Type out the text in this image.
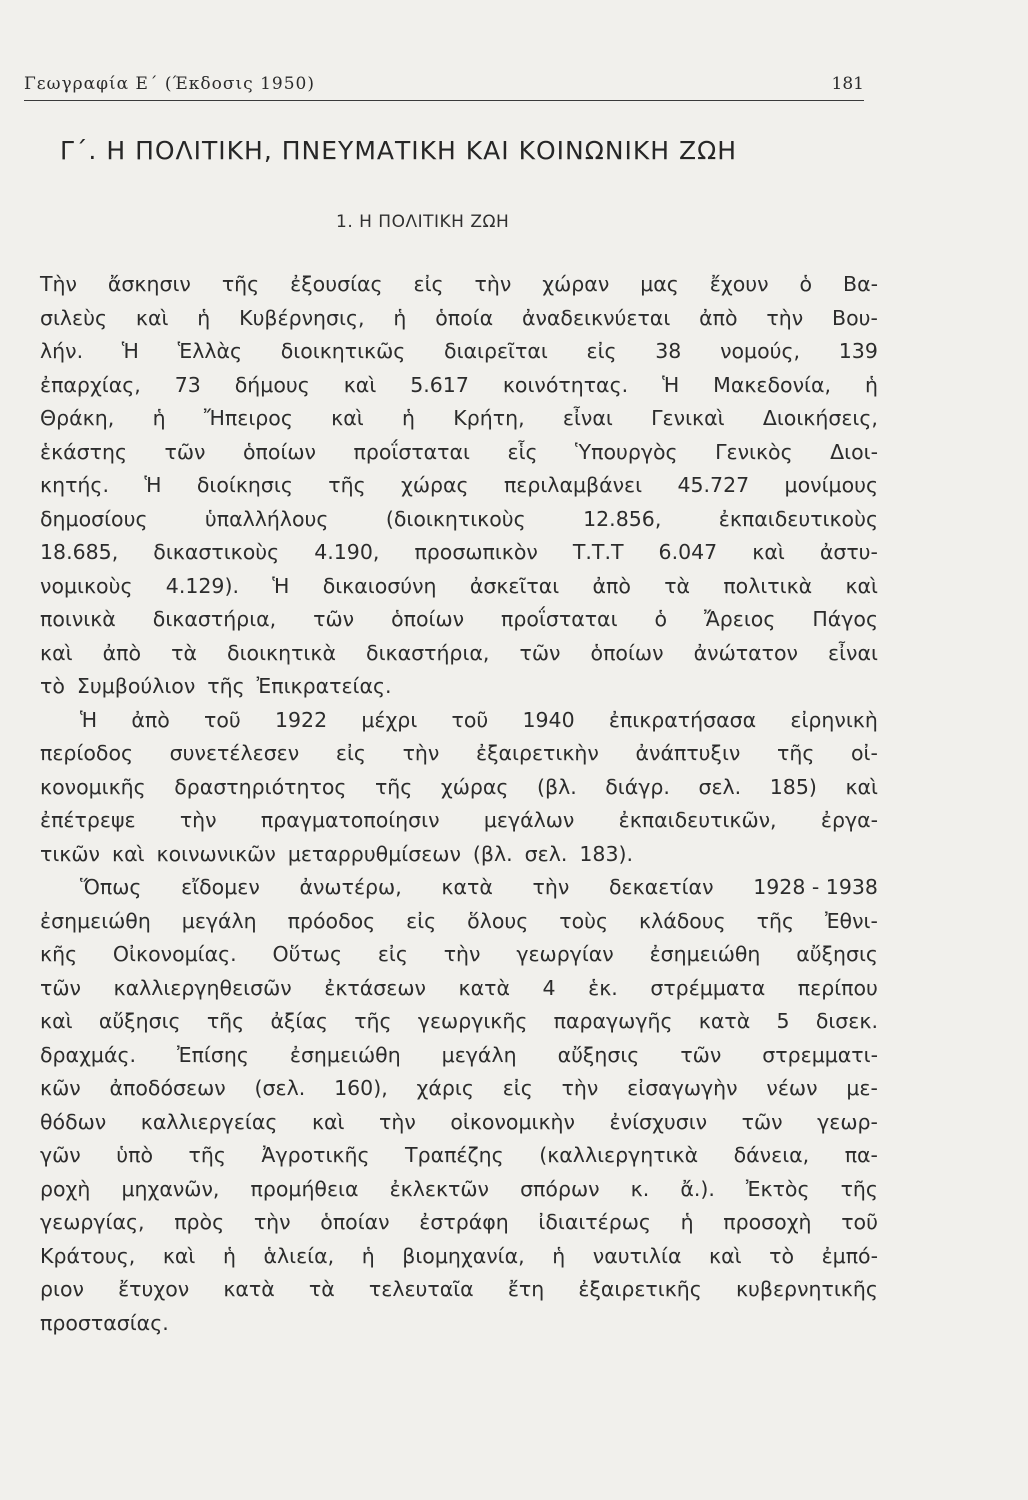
Γεωγραφία Ε΄ (Έκδοσις 1950)	181
Γ΄. Η ΠΟΛΙΤΙΚΗ, ΠΝΕΥΜΑΤΙΚΗ ΚΑΙ ΚΟΙΝΩΝΙΚΗ ΖΩΗ
1. Η ΠΟΛΙΤΙΚΗ ΖΩΗ
Τὴν ἄσκησιν τῆς ἐξουσίας εἰς τὴν χώραν μας ἔχουν ὁ Βα-
σιλεὺς καὶ ἡ Κυβέρνησις, ἡ ὁποία ἀναδεικνύεται ἀπὸ τὴν Βου-
λήν. Ἡ Ἑλλὰς διοικητικῶς διαιρεῖται εἰς 38 νομούς, 139
ἐπαρχίας, 73 δήμους καὶ 5.617 κοινότητας. Ἡ Μακεδονία, ἡ
Θράκη, ἡ Ἤπειρος καὶ ἡ Κρήτη, εἶναι Γενικαὶ Διοικήσεις,
ἑκάστης τῶν ὁποίων προΐσταται εἷς Ὑπουργὸς Γενικὸς Διοι-
κητής. Ἡ διοίκησις τῆς χώρας περιλαμβάνει 45.727 μονίμους
δημοσίους	ὑπαλλήλους	(διοικητικοὺς	12.856,	ἐκπαιδευτικοὺς
18.685, δικαστικοὺς 4.190, προσωπικὸν Τ.Τ.Τ 6.047 καὶ ἀστυ-
νομικοὺς 4.129). Ἡ δικαιοσύνη ἀσκεῖται ἀπὸ τὰ πολιτικὰ καὶ
ποινικὰ δικαστήρια, τῶν ὁποίων προΐσταται ὁ Ἄρειος Πάγος
καὶ ἀπὸ τὰ διοικητικὰ δικαστήρια, τῶν ὁποίων ἀνώτατον εἶναι
τὸ Συμβούλιον τῆς Ἐπικρατείας.
Ἡ ἀπὸ τοῦ 1922 μέχρι τοῦ 1940 ἐπικρατήσασα εἰρηνικὴ
περίοδος συνετέλεσεν εἰς τὴν ἐξαιρετικὴν ἀνάπτυξιν τῆς οἰ-
κονομικῆς δραστηριότητος τῆς χώρας (βλ. διάγρ. σελ. 185) καὶ
ἐπέτρεψε τὴν πραγματοποίησιν μεγάλων ἐκπαιδευτικῶν, ἐργα-
τικῶν καὶ κοινωνικῶν μεταρρυθμίσεων (βλ. σελ. 183).
Ὅπως εἴδομεν ἀνωτέρω, κατὰ τὴν δεκαετίαν 1928 - 1938
ἐσημειώθη μεγάλη πρόοδος εἰς ὅλους τοὺς κλάδους τῆς Ἐθνι-
κῆς Οἰκονομίας. Οὕτως εἰς τὴν γεωργίαν ἐσημειώθη αὔξησις
τῶν καλλιεργηθεισῶν ἐκτάσεων κατὰ 4 ἑκ. στρέμματα περίπου
καὶ αὔξησις τῆς ἀξίας τῆς γεωργικῆς παραγωγῆς κατὰ 5 δισεκ.
δραχμάς. Ἐπίσης ἐσημειώθη μεγάλη αὔξησις τῶν στρεμματι-
κῶν ἀποδόσεων (σελ. 160), χάρις εἰς τὴν εἰσαγωγὴν νέων με-
θόδων καλλιεργείας καὶ τὴν οἰκονομικὴν ἐνίσχυσιν τῶν γεωρ-
γῶν ὑπὸ τῆς Ἀγροτικῆς Τραπέζης (καλλιεργητικὰ δάνεια, πα-
ροχὴ μηχανῶν, προμήθεια ἐκλεκτῶν σπόρων κ. ἄ.). Ἐκτὸς τῆς
γεωργίας, πρὸς τὴν ὁποίαν ἐστράφη ἰδιαιτέρως ἡ προσοχὴ τοῦ
Κράτους, καὶ ἡ ἁλιεία, ἡ βιομηχανία, ἡ ναυτιλία καὶ τὸ ἐμπό-
ριον ἔτυχον κατὰ τὰ τελευταῖα ἔτη ἐξαιρετικῆς κυβερνητικῆς
προστασίας.
